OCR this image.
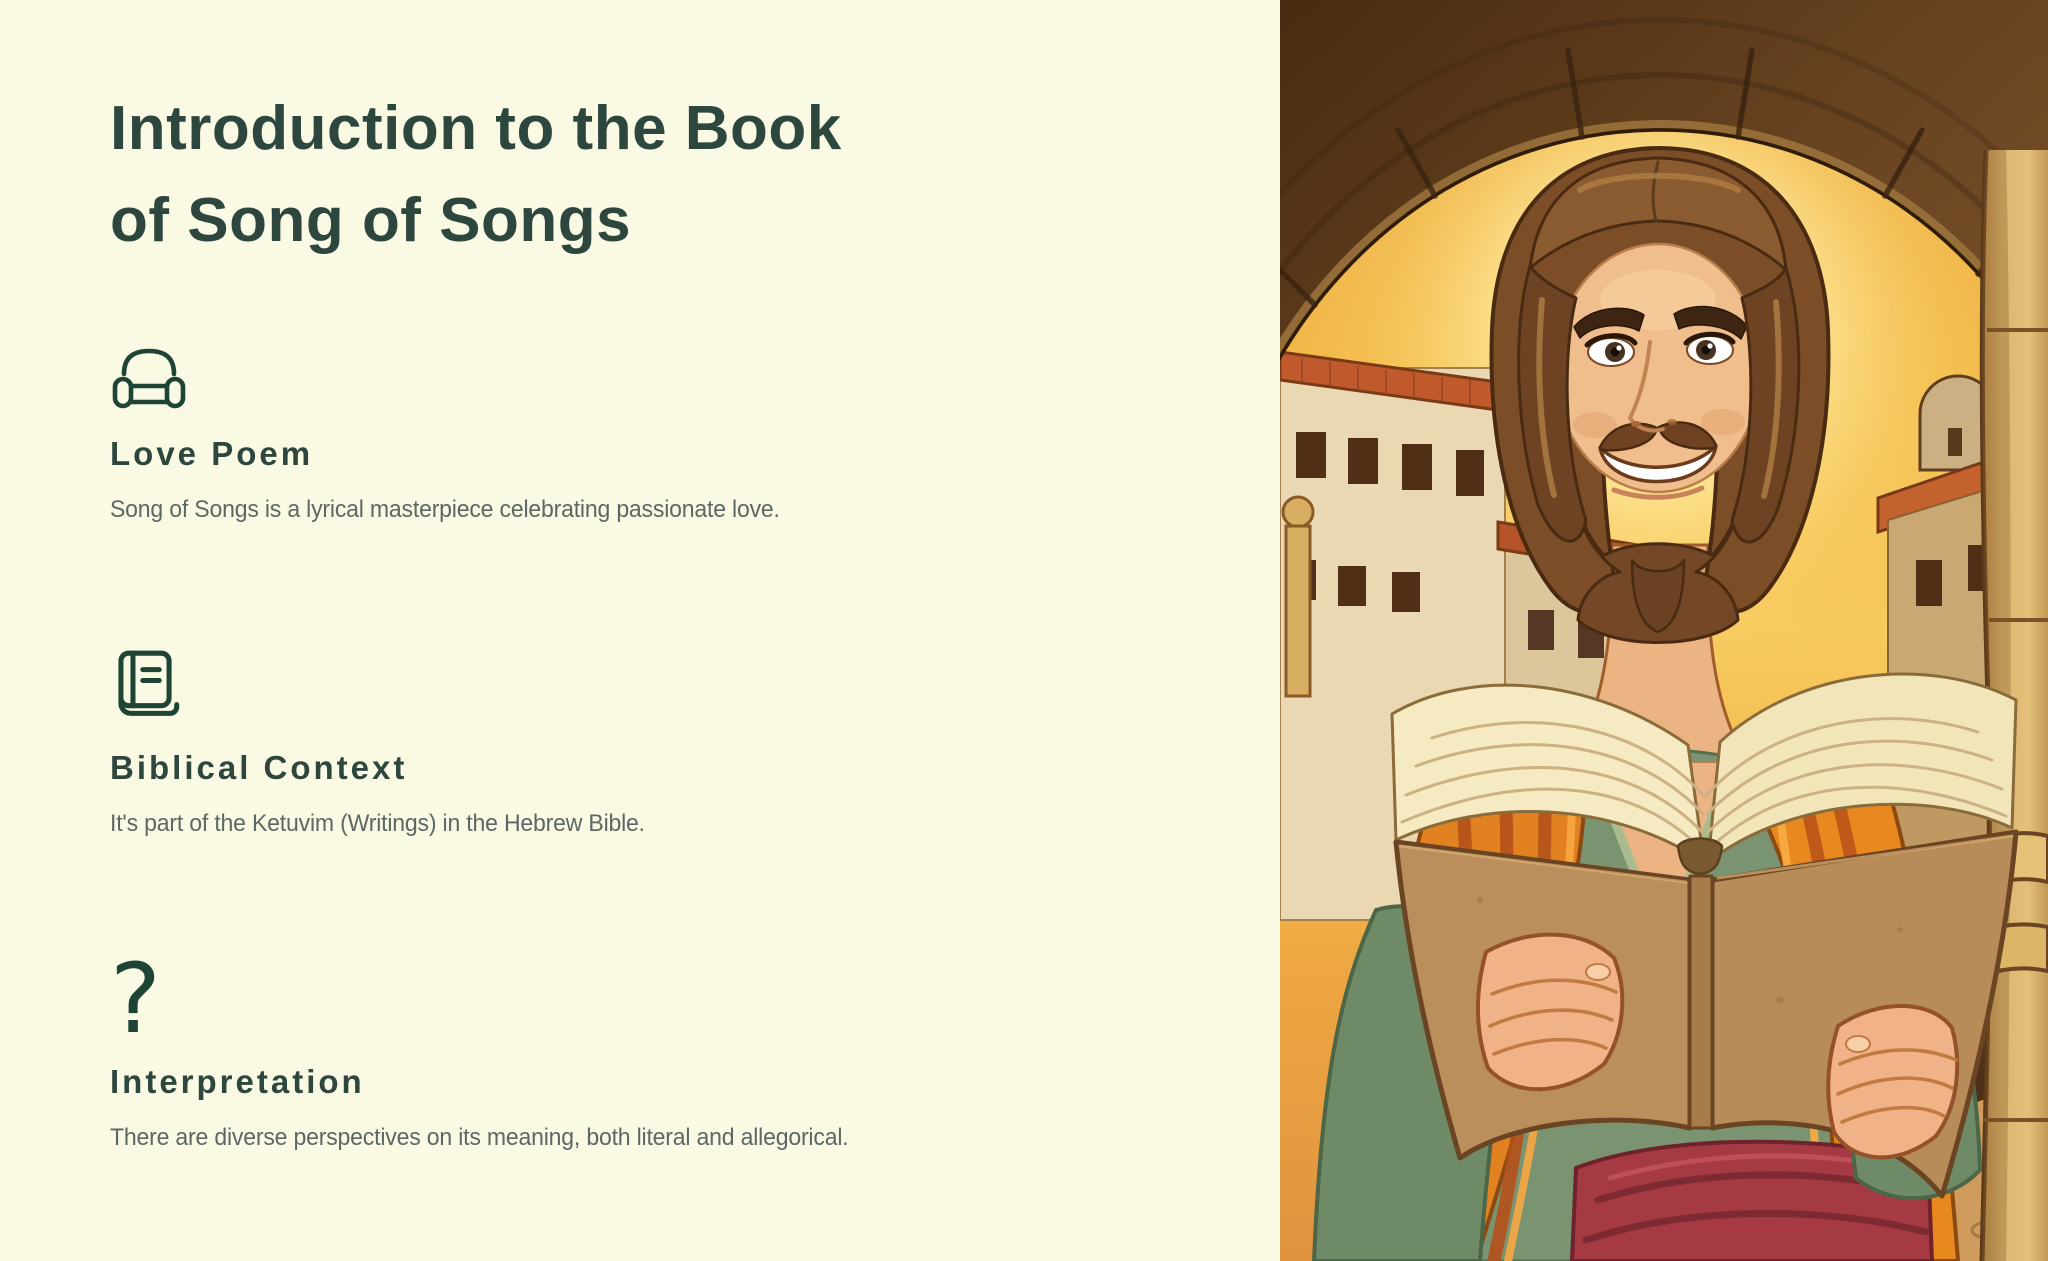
Introduction to the Book
of Song of Songs
Love Poem

Song of Songs is a lyrical masterpiece celebrating passionate love.

Biblical Context

It's part of the Ketuvim (Writings) in the Hebrew Bible.

?
Interpretation

There are diverse perspectives on its meaning, both literal and allegorical.
